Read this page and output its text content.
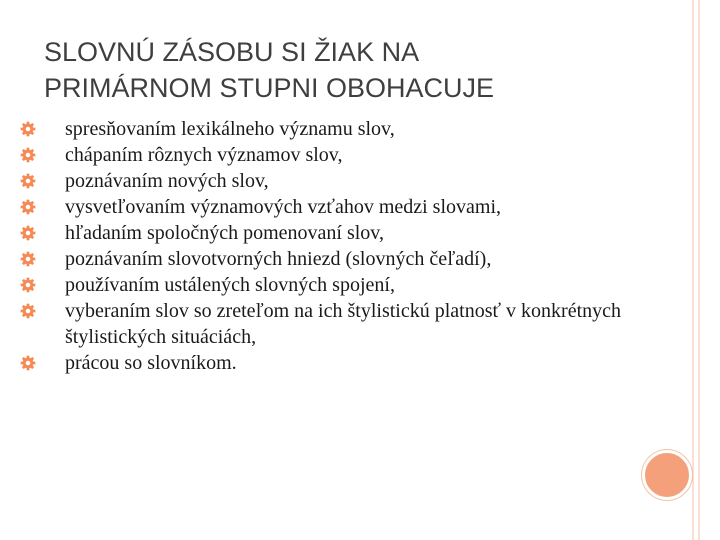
SLOVNÚ ZÁSOBU SI ŽIAK NA
PRIMÁRNOM STUPNI OBOHACUJE
spresňovaním lexikálneho významu slov,
chápaním rôznych významov slov,
poznávaním nových slov,
vysvetľovaním významových vzťahov medzi slovami,
hľadaním spoločných pomenovaní slov,
poznávaním slovotvorných hniezd (slovných čeľadí),
používaním ustálených slovných spojení,
vyberaním slov so zreteľom na ich štylistickú platnosť v konkrétnych štylistických situáciách,
prácou so slovníkom.
